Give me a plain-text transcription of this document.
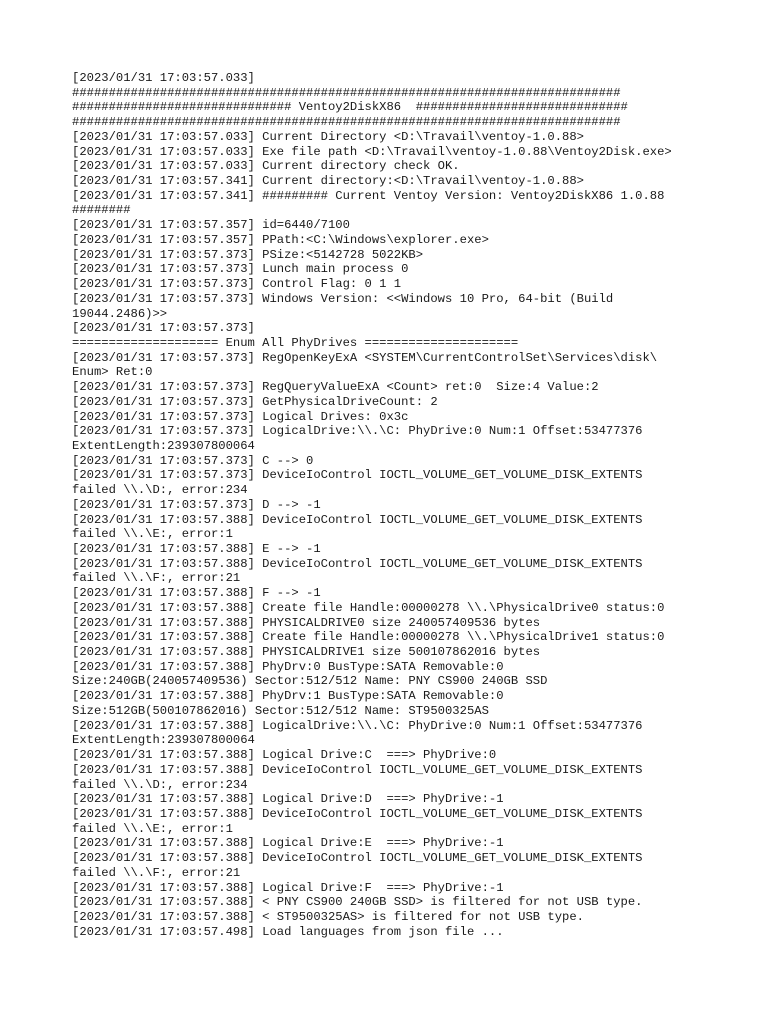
[2023/01/31 17:03:57.033]
###########################################################################
############################## Ventoy2DiskX86  #############################
###########################################################################
[2023/01/31 17:03:57.033] Current Directory <D:\Travail\ventoy-1.0.88>
[2023/01/31 17:03:57.033] Exe file path <D:\Travail\ventoy-1.0.88\Ventoy2Disk.exe>
[2023/01/31 17:03:57.033] Current directory check OK.
[2023/01/31 17:03:57.341] Current directory:<D:\Travail\ventoy-1.0.88>
[2023/01/31 17:03:57.341] ######### Current Ventoy Version: Ventoy2DiskX86 1.0.88
########
[2023/01/31 17:03:57.357] id=6440/7100
[2023/01/31 17:03:57.357] PPath:<C:\Windows\explorer.exe>
[2023/01/31 17:03:57.373] PSize:<5142728 5022KB>
[2023/01/31 17:03:57.373] Lunch main process 0
[2023/01/31 17:03:57.373] Control Flag: 0 1 1
[2023/01/31 17:03:57.373] Windows Version: <<Windows 10 Pro, 64-bit (Build
19044.2486)>>
[2023/01/31 17:03:57.373]
==================== Enum All PhyDrives =====================
[2023/01/31 17:03:57.373] RegOpenKeyExA <SYSTEM\CurrentControlSet\Services\disk\
Enum> Ret:0
[2023/01/31 17:03:57.373] RegQueryValueExA <Count> ret:0  Size:4 Value:2
[2023/01/31 17:03:57.373] GetPhysicalDriveCount: 2
[2023/01/31 17:03:57.373] Logical Drives: 0x3c
[2023/01/31 17:03:57.373] LogicalDrive:\\.\C: PhyDrive:0 Num:1 Offset:53477376
ExtentLength:239307800064
[2023/01/31 17:03:57.373] C --> 0
[2023/01/31 17:03:57.373] DeviceIoControl IOCTL_VOLUME_GET_VOLUME_DISK_EXTENTS
failed \\.\D:, error:234
[2023/01/31 17:03:57.373] D --> -1
[2023/01/31 17:03:57.388] DeviceIoControl IOCTL_VOLUME_GET_VOLUME_DISK_EXTENTS
failed \\.\E:, error:1
[2023/01/31 17:03:57.388] E --> -1
[2023/01/31 17:03:57.388] DeviceIoControl IOCTL_VOLUME_GET_VOLUME_DISK_EXTENTS
failed \\.\F:, error:21
[2023/01/31 17:03:57.388] F --> -1
[2023/01/31 17:03:57.388] Create file Handle:00000278 \\.\PhysicalDrive0 status:0
[2023/01/31 17:03:57.388] PHYSICALDRIVE0 size 240057409536 bytes
[2023/01/31 17:03:57.388] Create file Handle:00000278 \\.\PhysicalDrive1 status:0
[2023/01/31 17:03:57.388] PHYSICALDRIVE1 size 500107862016 bytes
[2023/01/31 17:03:57.388] PhyDrv:0 BusType:SATA Removable:0
Size:240GB(240057409536) Sector:512/512 Name: PNY CS900 240GB SSD
[2023/01/31 17:03:57.388] PhyDrv:1 BusType:SATA Removable:0
Size:512GB(500107862016) Sector:512/512 Name: ST9500325AS
[2023/01/31 17:03:57.388] LogicalDrive:\\.\C: PhyDrive:0 Num:1 Offset:53477376
ExtentLength:239307800064
[2023/01/31 17:03:57.388] Logical Drive:C  ===> PhyDrive:0
[2023/01/31 17:03:57.388] DeviceIoControl IOCTL_VOLUME_GET_VOLUME_DISK_EXTENTS
failed \\.\D:, error:234
[2023/01/31 17:03:57.388] Logical Drive:D  ===> PhyDrive:-1
[2023/01/31 17:03:57.388] DeviceIoControl IOCTL_VOLUME_GET_VOLUME_DISK_EXTENTS
failed \\.\E:, error:1
[2023/01/31 17:03:57.388] Logical Drive:E  ===> PhyDrive:-1
[2023/01/31 17:03:57.388] DeviceIoControl IOCTL_VOLUME_GET_VOLUME_DISK_EXTENTS
failed \\.\F:, error:21
[2023/01/31 17:03:57.388] Logical Drive:F  ===> PhyDrive:-1
[2023/01/31 17:03:57.388] < PNY CS900 240GB SSD> is filtered for not USB type.
[2023/01/31 17:03:57.388] < ST9500325AS> is filtered for not USB type.
[2023/01/31 17:03:57.498] Load languages from json file ...
